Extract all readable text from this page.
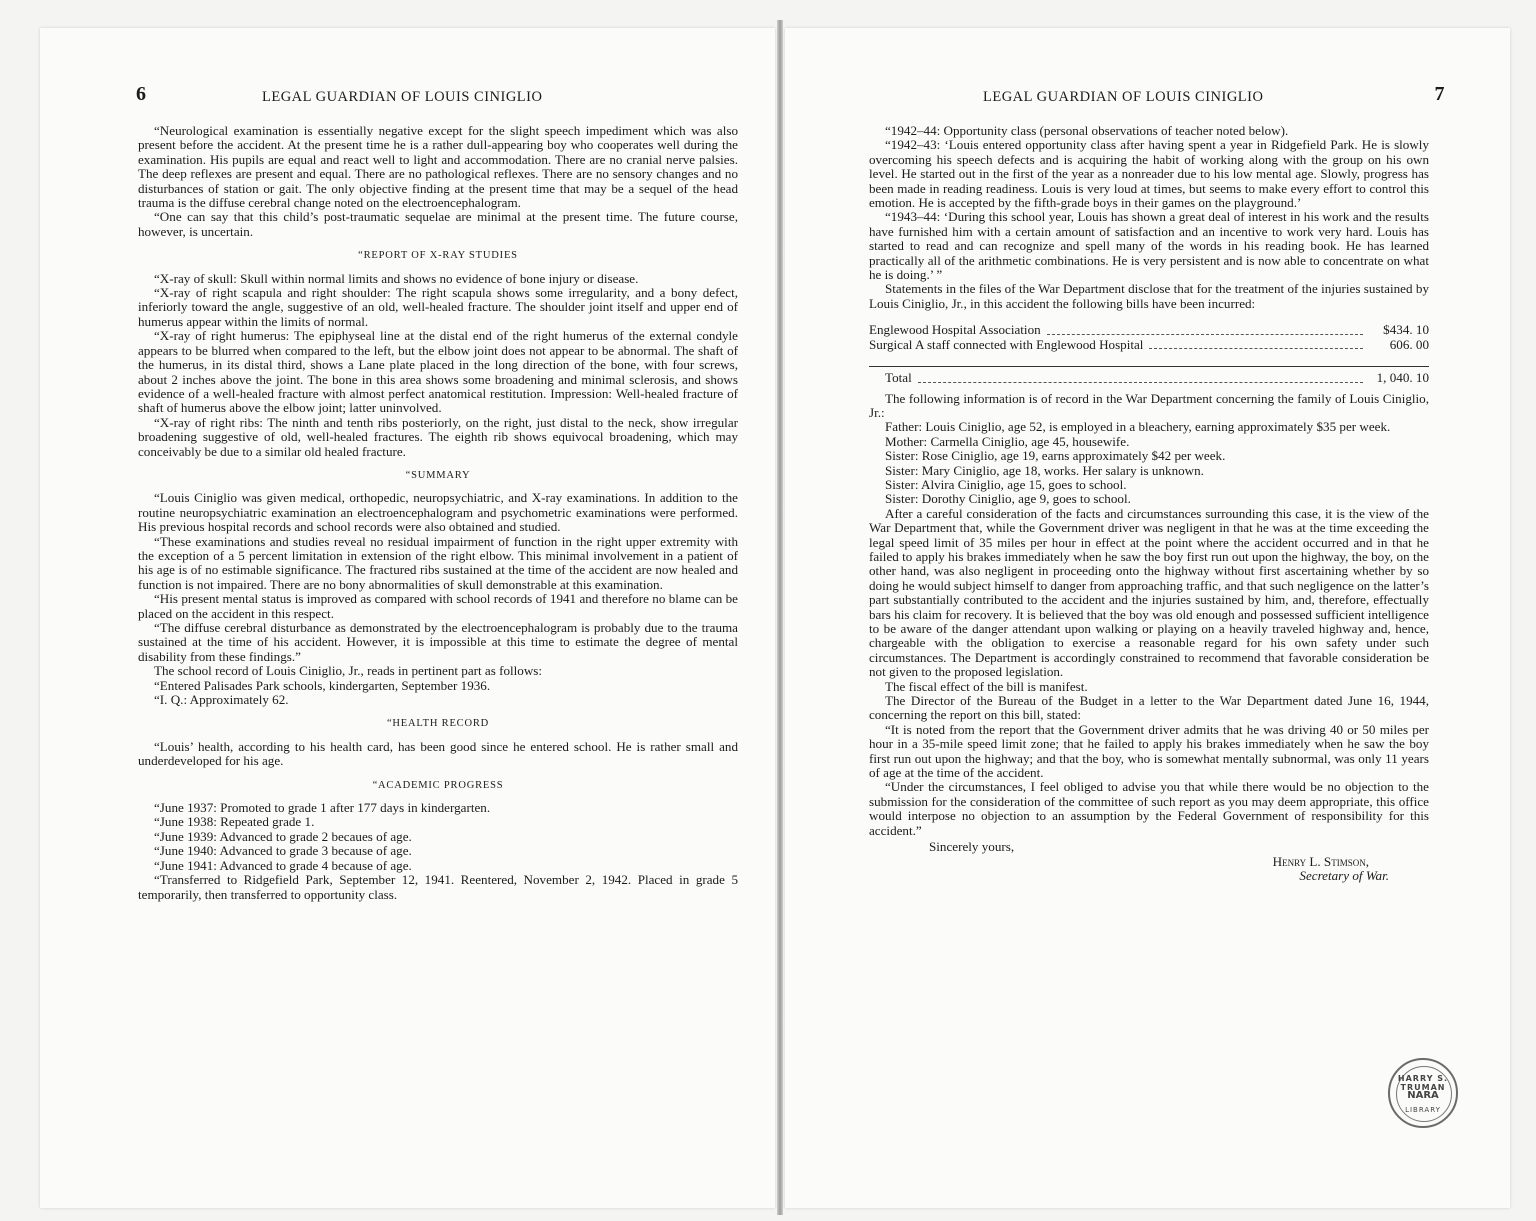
6	LEGAL GUARDIAN OF LOUIS CINIGLIO

“Neurological examination is essentially negative except for the slight speech impediment which was also present before the accident. At the present time he is a rather dull-appearing boy who cooperates well during the examination. His pupils are equal and react well to light and accommodation. There are no cranial nerve palsies. The deep reflexes are present and equal. There are no pathological reflexes. There are no sensory changes and no disturbances of station or gait. The only objective finding at the present time that may be a sequel of the head trauma is the diffuse cerebral change noted on the electroencephalogram.

“One can say that this child’s post-traumatic sequelae are minimal at the present time. The future course, however, is uncertain.

“REPORT OF X-RAY STUDIES

“X-ray of skull: Skull within normal limits and shows no evidence of bone injury or disease.

“X-ray of right scapula and right shoulder: The right scapula shows some irregularity, and a bony defect, inferiorly toward the angle, suggestive of an old, well-healed fracture. The shoulder joint itself and upper end of humerus appear within the limits of normal.

“X-ray of right humerus: The epiphyseal line at the distal end of the right humerus of the external condyle appears to be blurred when compared to the left, but the elbow joint does not appear to be abnormal. The shaft of the humerus, in its distal third, shows a Lane plate placed in the long direction of the bone, with four screws, about 2 inches above the joint. The bone in this area shows some broadening and minimal sclerosis, and shows evidence of a well-healed fracture with almost perfect anatomical restitution. Impression: Well-healed fracture of shaft of humerus above the elbow joint; latter uninvolved.

“X-ray of right ribs: The ninth and tenth ribs posteriorly, on the right, just distal to the neck, show irregular broadening suggestive of old, well-healed fractures. The eighth rib shows equivocal broadening, which may conceivably be due to a similar old healed fracture.

“SUMMARY

“Louis Ciniglio was given medical, orthopedic, neuropsychiatric, and X-ray examinations. In addition to the routine neuropsychiatric examination an electroencephalogram and psychometric examinations were performed. His previous hospital records and school records were also obtained and studied.

“These examinations and studies reveal no residual impairment of function in the right upper extremity with the exception of a 5 percent limitation in extension of the right elbow. This minimal involvement in a patient of his age is of no estimable significance. The fractured ribs sustained at the time of the accident are now healed and function is not impaired. There are no bony abnormalities of skull demonstrable at this examination.

“His present mental status is improved as compared with school records of 1941 and therefore no blame can be placed on the accident in this respect.

“The diffuse cerebral disturbance as demonstrated by the electroencephalogram is probably due to the trauma sustained at the time of his accident. However, it is impossible at this time to estimate the degree of mental disability from these findings.”

The school record of Louis Ciniglio, Jr., reads in pertinent part as follows:

“Entered Palisades Park schools, kindergarten, September 1936.

“I. Q.: Approximately 62.

“HEALTH RECORD

“Louis’ health, according to his health card, has been good since he entered school. He is rather small and underdeveloped for his age.

“ACADEMIC PROGRESS

“June 1937: Promoted to grade 1 after 177 days in kindergarten.

“June 1938: Repeated grade 1.

“June 1939: Advanced to grade 2 becaues of age.

“June 1940: Advanced to grade 3 because of age.

“June 1941: Advanced to grade 4 because of age.

“Transferred to Ridgefield Park, September 12, 1941. Reentered, November 2, 1942. Placed in grade 5 temporarily, then transferred to opportunity class.

LEGAL GUARDIAN OF LOUIS CINIGLIO	7

“1942–44: Opportunity class (personal observations of teacher noted below).

“1942–43: ‘Louis entered opportunity class after having spent a year in Ridgefield Park. He is slowly overcoming his speech defects and is acquiring the habit of working along with the group on his own level. He started out in the first of the year as a nonreader due to his low mental age. Slowly, progress has been made in reading readiness. Louis is very loud at times, but seems to make every effort to control this emotion. He is accepted by the fifth-grade boys in their games on the playground.’

“1943–44: ‘During this school year, Louis has shown a great deal of interest in his work and the results have furnished him with a certain amount of satisfaction and an incentive to work very hard. Louis has started to read and can recognize and spell many of the words in his reading book. He has learned practically all of the arithmetic combinations. He is very persistent and is now able to concentrate on what he is doing.’ ”

Statements in the files of the War Department disclose that for the treatment of the injuries sustained by Louis Ciniglio, Jr., in this accident the following bills have been incurred:

Englewood Hospital Association	$434. 10
Surgical A staff connected with Englewood Hospital	606. 00
Total	1, 040. 10

The following information is of record in the War Department concerning the family of Louis Ciniglio, Jr.:

Father: Louis Ciniglio, age 52, is employed in a bleachery, earning approximately $35 per week.

Mother: Carmella Ciniglio, age 45, housewife.

Sister: Rose Ciniglio, age 19, earns approximately $42 per week.

Sister: Mary Ciniglio, age 18, works. Her salary is unknown.

Sister: Alvira Ciniglio, age 15, goes to school.

Sister: Dorothy Ciniglio, age 9, goes to school.

After a careful consideration of the facts and circumstances surrounding this case, it is the view of the War Department that, while the Government driver was negligent in that he was at the time exceeding the legal speed limit of 35 miles per hour in effect at the point where the accident occurred and in that he failed to apply his brakes immediately when he saw the boy first run out upon the highway, the boy, on the other hand, was also negligent in proceeding onto the highway without first ascertaining whether by so doing he would subject himself to danger from approaching traffic, and that such negligence on the latter’s part substantially contributed to the accident and the injuries sustained by him, and, therefore, effectually bars his claim for recovery. It is believed that the boy was old enough and possessed sufficient intelligence to be aware of the danger attendant upon walking or playing on a heavily traveled highway and, hence, chargeable with the obligation to exercise a reasonable regard for his own safety under such circumstances. The Department is accordingly constrained to recommend that favorable consideration be not given to the proposed legislation.

The fiscal effect of the bill is manifest.

The Director of the Bureau of the Budget in a letter to the War Department dated June 16, 1944, concerning the report on this bill, stated:

“It is noted from the report that the Government driver admits that he was driving 40 or 50 miles per hour in a 35-mile speed limit zone; that he failed to apply his brakes immediately when he saw the boy first run out upon the highway; and that the boy, who is somewhat mentally subnormal, was only 11 years of age at the time of the accident.

“Under the circumstances, I feel obliged to advise you that while there would be no objection to the submission for the consideration of the committee of such report as you may deem appropriate, this office would interpose no objection to an assumption by the Federal Government of responsibility for this accident.”

Sincerely yours,
Henry L. Stimson,
Secretary of War.
HARRY S. TRUMAN
NARA
LIBRARY
